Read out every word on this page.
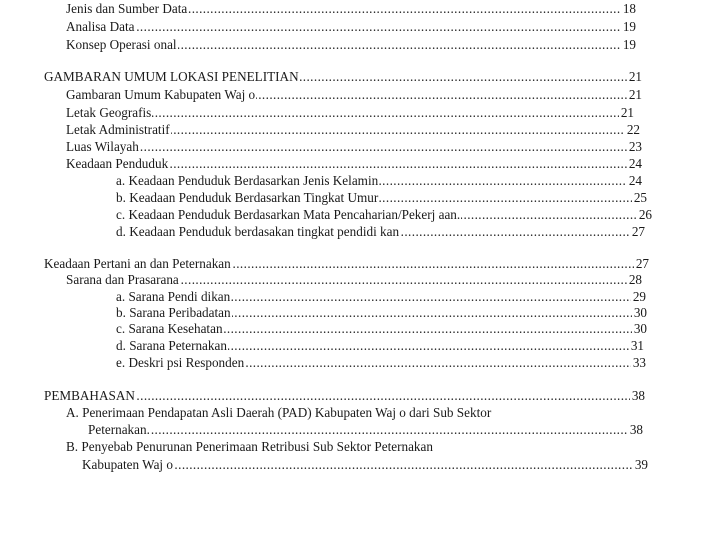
.....
Jenis dan Sumber Data	18
.....
Analisa Data	19
.....
Konsep Operasi onal	19
.....
GAMBARAN UMUM LOKASI PENELITIAN	21
.....
Gambaran Umum Kabupaten Waj o	21
.....
Letak Geografis	21
.....
Letak Administratif	22
.....
Luas Wilayah	23
.....
Keadaan Penduduk	24
.....
a. Keadaan Penduduk Berdasarkan Jenis Kelamin	24
.....
b. Keadaan Penduduk Berdasarkan Tingkat Umur	25
.....
c. Keadaan Penduduk Berdasarkan Mata Pencaharian/Pekerj aan.	26
.....
d. Keadaan Penduduk berdasakan tingkat pendidi kan	27
.....
Keadaan Pertani an dan Peternakan	27
.....
Sarana dan Prasarana	28
.....
a. Sarana Pendi dikan	29
.....
b. Sarana Peribadatan	30
.....
c. Sarana Kesehatan	30
.....
d. Sarana Peternakan	31
.....
e. Deskri psi Responden	33
.....
PEMBAHASAN	38
A. Penerimaan Pendapatan Asli Daerah (PAD) Kabupaten Waj o dari Sub Sektor
.....
Peternakan.	38
B. Penyebab Penurunan Penerimaan Retribusi Sub Sektor Peternakan
.....
Kabupaten Waj o	39
